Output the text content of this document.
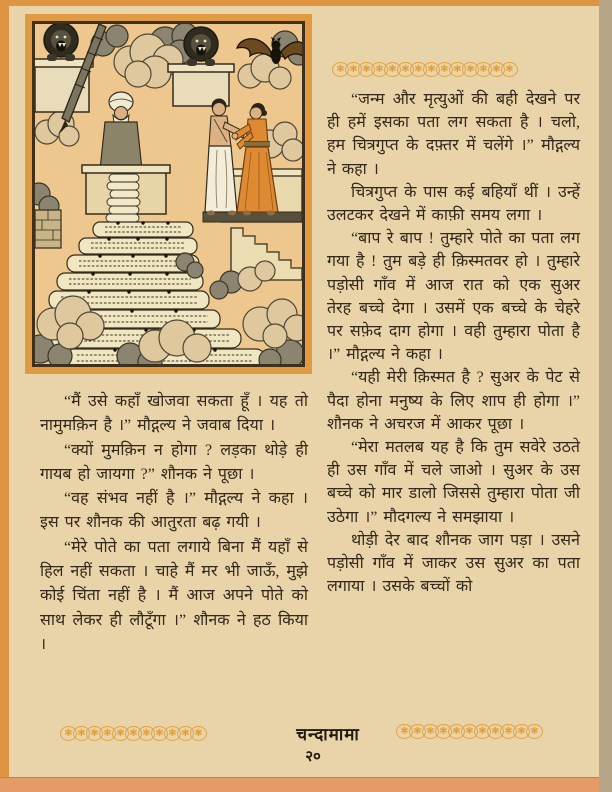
✱ ✱ ✱ ✱ ✱ ✱ ✱ ✱ ✱ ✱ ✱ ✱ ✱ ✱

“जन्म और मृत्युओं की बही देखने पर ही हमें इसका पता लग सकता है । चलो, हम चित्रगुप्त के दफ़्तर में चलेंगे ।” मौद्गल्य ने कहा ।

चित्रगुप्त के पास कई बहियाँ थीं । उन्हें उलटकर देखने में काफ़ी समय लगा ।

“बाप रे बाप ! तुम्हारे पोते का पता लग गया है ! तुम बड़े ही क़िस्मतवर हो । तुम्हारे पड़ोसी गाँव में आज रात को एक सुअर तेरह बच्चे देगा । उसमें एक बच्चे के चेहरे पर सफ़ेद दाग होगा । वही तुम्हारा पोता है ।” मौद्गल्य ने कहा ।

“यही मेरी क़िस्मत है ? सुअर के पेट से पैदा होना मनुष्य के लिए शाप ही होगा ।” शौनक ने अचरज में आकर पूछा ।

“मेरा मतलब यह है कि तुम सवेरे उठते ही उस गाँव में चले जाओ । सुअर के उस बच्चे को मार डालो जिससे तुम्हारा पोता जी उठेगा ।” मौदगल्य ने समझाया ।

थोड़ी देर बाद शौनक जाग पड़ा । उसने पड़ोसी गाँव में जाकर उस सुअर का पता लगाया । उसके बच्चों को

“मैं उसे कहाँ खोजवा सकता हूँ । यह तो नामुमक़िन है ।” मौद्गल्य ने जवाब दिया ।

“क्यों मुमक़िन न होगा ? लड़का थोड़े ही गायब हो जायगा ?” शौनक ने पूछा ।

“वह संभव नहीं है ।” मौद्गल्य ने कहा । इस पर शौनक की आतुरता बढ़ गयी ।

“मेरे पोते का पता लगाये बिना मैं यहाँ से हिल नहीं सकता । चाहे मैं मर भी जाऊँ, मुझे कोई चिंता नहीं है । मैं आज अपने पोते को साथ लेकर ही लौटूँगा ।” शौनक ने हठ किया ।

✱ ✱ ✱ ✱ ✱ ✱ ✱ ✱ ✱ ✱ ✱	✱ ✱ ✱ ✱ ✱ ✱ ✱ ✱ ✱ ✱ ✱
चन्दामामा
२०
